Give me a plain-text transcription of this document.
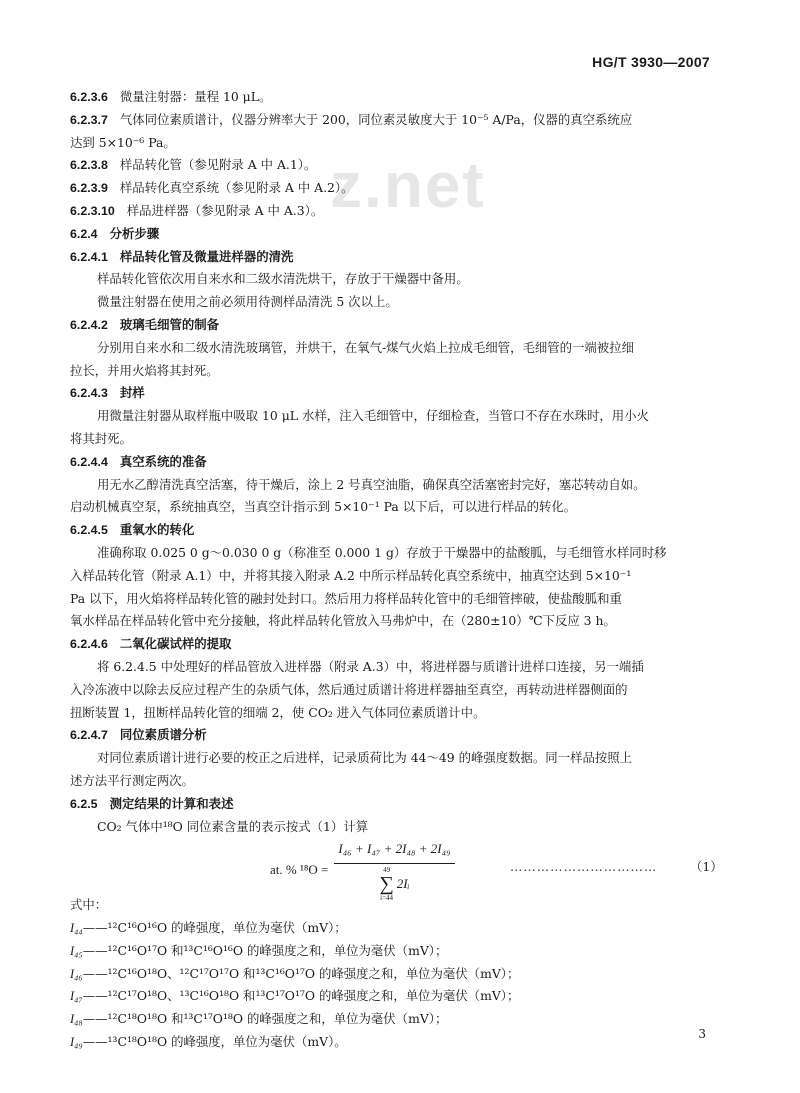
HG/T 3930—2007
z.net
6.2.3.6 微量注射器：量程 10 μL。
6.2.3.7 气体同位素质谱计，仪器分辨率大于 200，同位素灵敏度大于 10⁻⁵ A/Pa，仪器的真空系统应
达到 5×10⁻⁶ Pa。
6.2.3.8 样品转化管（参见附录 A 中 A.1）。
6.2.3.9 样品转化真空系统（参见附录 A 中 A.2）。
6.2.3.10 样品进样器（参见附录 A 中 A.3）。
6.2.4 分析步骤
6.2.4.1 样品转化管及微量进样器的清洗
样品转化管依次用自来水和二级水清洗烘干，存放于干燥器中备用。
微量注射器在使用之前必须用待测样品清洗 5 次以上。
6.2.4.2 玻璃毛细管的制备
分别用自来水和二级水清洗玻璃管，并烘干，在氧气-煤气火焰上拉成毛细管，毛细管的一端被拉细
拉长，并用火焰将其封死。
6.2.4.3 封样
用微量注射器从取样瓶中吸取 10 μL 水样，注入毛细管中，仔细检查，当管口不存在水珠时，用小火
将其封死。
6.2.4.4 真空系统的准备
用无水乙醇清洗真空活塞，待干燥后，涂上 2 号真空油脂，确保真空活塞密封完好，塞芯转动自如。
启动机械真空泵，系统抽真空，当真空计指示到 5×10⁻¹ Pa 以下后，可以进行样品的转化。
6.2.4.5 重氧水的转化
准确称取 0.025 0 g～0.030 0 g（称准至 0.000 1 g）存放于干燥器中的盐酸胍，与毛细管水样同时移
入样品转化管（附录 A.1）中，并将其接入附录 A.2 中所示样品转化真空系统中，抽真空达到 5×10⁻¹
Pa 以下，用火焰将样品转化管的融封处封口。然后用力将样品转化管中的毛细管摔破，使盐酸胍和重
氧水样品在样品转化管中充分接触，将此样品转化管放入马弗炉中，在（280±10）℃下反应 3 h。
6.2.4.6 二氧化碳试样的提取
将 6.2.4.5 中处理好的样品管放入进样器（附录 A.3）中，将进样器与质谱计进样口连接，另一端插
入冷冻液中以除去反应过程产生的杂质气体，然后通过质谱计将进样器抽至真空，再转动进样器侧面的
扭断装置 1，扭断样品转化管的细端 2，使 CO₂ 进入气体同位素质谱计中。
6.2.4.7 同位素质谱分析
对同位素质谱计进行必要的校正之后进样，记录质荷比为 44～49 的峰强度数据。同一样品按照上
述方法平行测定两次。
6.2.5 测定结果的计算和表述
CO₂ 气体中¹⁸O 同位素含量的表示按式（1）计算
at. % ¹⁸O =
I₄₆ + I₄₇ + 2I₄₈ + 2I₄₉
49
∑
i=44
2Iᵢ
……………………………	（1）
式中：
I₄₄——¹²C¹⁶O¹⁶O 的峰强度，单位为毫伏（mV）；
I₄₅——¹²C¹⁶O¹⁷O 和¹³C¹⁶O¹⁶O 的峰强度之和，单位为毫伏（mV）；
I₄₆——¹²C¹⁶O¹⁸O、¹²C¹⁷O¹⁷O 和¹³C¹⁶O¹⁷O 的峰强度之和，单位为毫伏（mV）；
I₄₇——¹²C¹⁷O¹⁸O、¹³C¹⁶O¹⁸O 和¹³C¹⁷O¹⁷O 的峰强度之和，单位为毫伏（mV）；
I₄₈——¹²C¹⁸O¹⁸O 和¹³C¹⁷O¹⁸O 的峰强度之和，单位为毫伏（mV）；
I₄₉——¹³C¹⁸O¹⁸O 的峰强度，单位为毫伏（mV）。
3
